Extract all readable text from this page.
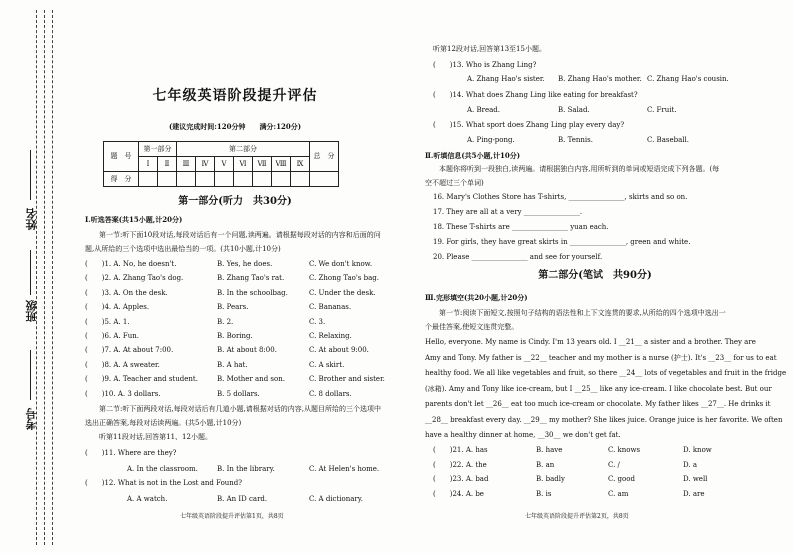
姓名
班级
考号
七年级英语阶段提升评估
(建议完成时间:120分钟　　满分:120分)
题　号	第一部分		第二部分							总　分
	I	Ⅱ	Ⅲ	Ⅳ	V	Ⅵ	Ⅶ	Ⅷ	Ⅸ	
得　分										
第一部分(听力　共30分)
Ⅰ.听选答案(共15小题,计20分)
第一节:听下面10段对话,每段对话后有一个问题,读两遍。请根据每段对话的内容和后面的问题,从所给的三个选项中选出最恰当的一项。(共10小题,计10分)
(　　)1. A. No, he doesn't.	B. Yes, he does.	C. We don't know.
(　　)2. A. Zhang Tao's dog.	B. Zhang Tao's rat.	C. Zhong Tao's bag.
(　　)3. A. On the desk.	B. In the schoolbag.	C. Under the desk.
(　　)4. A. Apples.	B. Pears.	C. Bananas.
(　　)5. A. 1.	B. 2.	C. 3.
(　　)6. A. Fun.	B. Boring.	C. Relaxing.
(　　)7. A. At about 7:00.	B. At about 8:00.	C. At about 9:00.
(　　)8. A. A sweater.	B. A hat.	C. A skirt.
(　　)9. A. Teacher and student.	B. Mother and son.	C. Brother and sister.
(　　)10. A. 3 dollars.	B. 5 dollars.	C. 8 dollars.
第二节:听下面两段对话,每段对话后有几道小题,请根据对话的内容,从题目所给的三个选项中选出正确答案,每段对话读两遍。(共5小题,计10分)
听第11段对话,回答第11、12小题。
(　　)11. Where are they?
A. In the classroom.	B. In the library.	C. At Helen's home.
(　　)12. What is not in the Lost and Found?
A. A watch.	B. An ID card.	C. A dictionary.
七年级英语阶段提升评估第1页，共8页
听第12段对话,回答第13至15小题。
(　　)13. Who is Zhang Ling?
A. Zhang Hao's sister. B. Zhang Hao's mother. C. Zhang Hao's cousin.
(　　)14. What does Zhang Ling like eating for breakfast?
A. Bread.	B. Salad.	C. Fruit.
(　　)15. What sport does Zhang Ling play every day?
A. Ping-pong.	B. Tennis.	C. Baseball.
Ⅱ.听填信息(共5小题,计10分)
本题你将听到一段独白,读两遍。请根据独白内容,用所听到的单词或短语完成下列各题。(每空不超过三个单词)
16. Mary's Clothes Store has T-shirts, ________________, skirts and so on.
17. They are all at a very ________________.
18. These T-shirts are ________________ yuan each.
19. For girls, they have great skirts in ________________, green and white.
20. Please ________________ and see for yourself.
第二部分(笔试　共90分)
Ⅲ.完形填空(共20小题,计20分)
第一节:阅读下面短文,按照句子结构的语法性和上下文连贯的要求,从所给的四个选项中选出一个最佳答案,使短文连贯完整。
Hello, everyone. My name is Cindy. I'm 13 years old. I __21__ a sister and a brother. They are
Amy and Tony. My father is __22__ teacher and my mother is a nurse (护士). It's __23__ for us to eat
healthy food. We all like vegetables and fruit, so there __24__ lots of vegetables and fruit in the fridge
(冰箱). Amy and Tony like ice-cream, but I __25__ like any ice-cream. I like chocolate best. But our
parents don't let __26__ eat too much ice-cream or chocolate. My father likes __27__. He drinks it
__28__ breakfast every day. __29__ my mother? She likes juice. Orange juice is her favorite. We often
have a healthy dinner at home, __30__ we don't get fat.
(　　)21. A. has	B. have	C. knows	D. know
(　　)22. A. the	B. an	C. /	D. a
(　　)23. A. bad	B. badly	C. good	D. well
(　　)24. A. be	B. is	C. am	D. are
七年级英语阶段提升评估第2页，共8页
